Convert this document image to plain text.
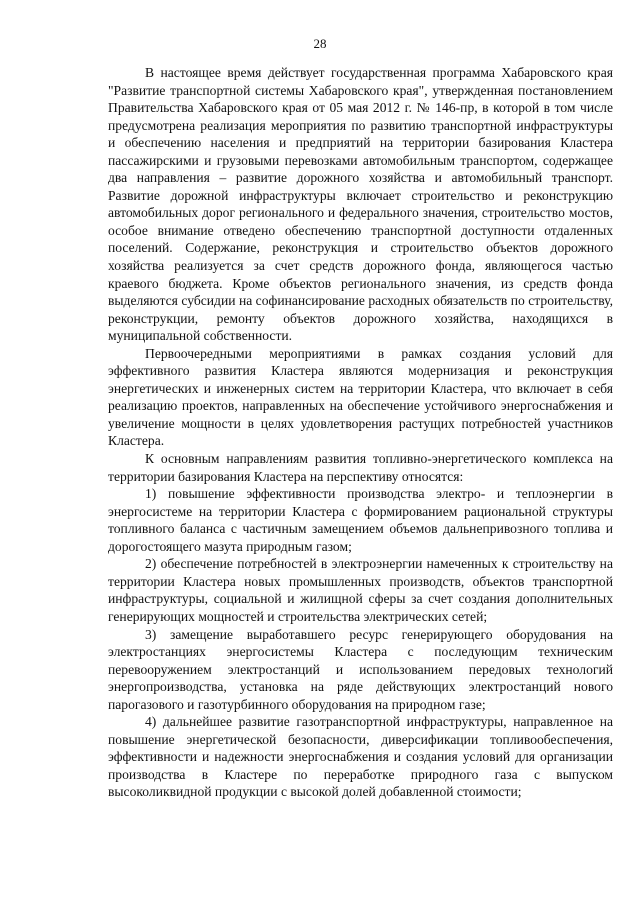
28

В настоящее время действует государственная программа Хабаровского края "Развитие транспортной системы Хабаровского края", утвержденная постановлением Правительства Хабаровского края от 05 мая 2012 г. № 146-пр, в которой в том числе предусмотрена реализация мероприятия по развитию транспортной инфраструктуры и обеспечению населения и предприятий на территории базирования Кластера пассажирскими и грузовыми перевозками автомобильным транспортом, содержащее два направления – развитие дорожного хозяйства и автомобильный транспорт. Развитие дорожной инфраструктуры включает строительство и реконструкцию автомобильных дорог регионального и федерального значения, строительство мостов, особое внимание отведено обеспечению транспортной доступности отдаленных поселений. Содержание, реконструкция и строительство объектов дорожного хозяйства реализуется за счет средств дорожного фонда, являющегося частью краевого бюджета. Кроме объектов регионального значения, из средств фонда выделяются субсидии на софинансирование расходных обязательств по строительству, реконструкции, ремонту объектов дорожного хозяйства, находящихся в муниципальной собственности.

Первоочередными мероприятиями в рамках создания условий для эффективного развития Кластера являются модернизация и реконструкция энергетических и инженерных систем на территории Кластера, что включает в себя реализацию проектов, направленных на обеспечение устойчивого энергоснабжения и увеличение мощности в целях удовлетворения растущих потребностей участников Кластера.

К основным направлениям развития топливно-энергетического комплекса на территории базирования Кластера на перспективу относятся:

1) повышение эффективности производства электро- и теплоэнергии в энергосистеме на территории Кластера с формированием рациональной структуры топливного баланса с частичным замещением объемов дальнепривозного топлива и дорогостоящего мазута природным газом;

2) обеспечение потребностей в электроэнергии намеченных к строительству на территории Кластера новых промышленных производств, объектов транспортной инфраструктуры, социальной и жилищной сферы за счет создания дополнительных генерирующих мощностей и строительства электрических сетей;

3) замещение выработавшего ресурс генерирующего оборудования на электростанциях энергосистемы Кластера с последующим техническим перевооружением электростанций и использованием передовых технологий энергопроизводства, установка на ряде действующих электростанций нового парогазового и газотурбинного оборудования на природном газе;

4) дальнейшее развитие газотранспортной инфраструктуры, направленное на повышение энергетической безопасности, диверсификации топливообеспечения, эффективности и надежности энергоснабжения и создания условий для организации производства в Кластере по переработке природного газа с выпуском высоколиквидной продукции с высокой долей добавленной стоимости;
